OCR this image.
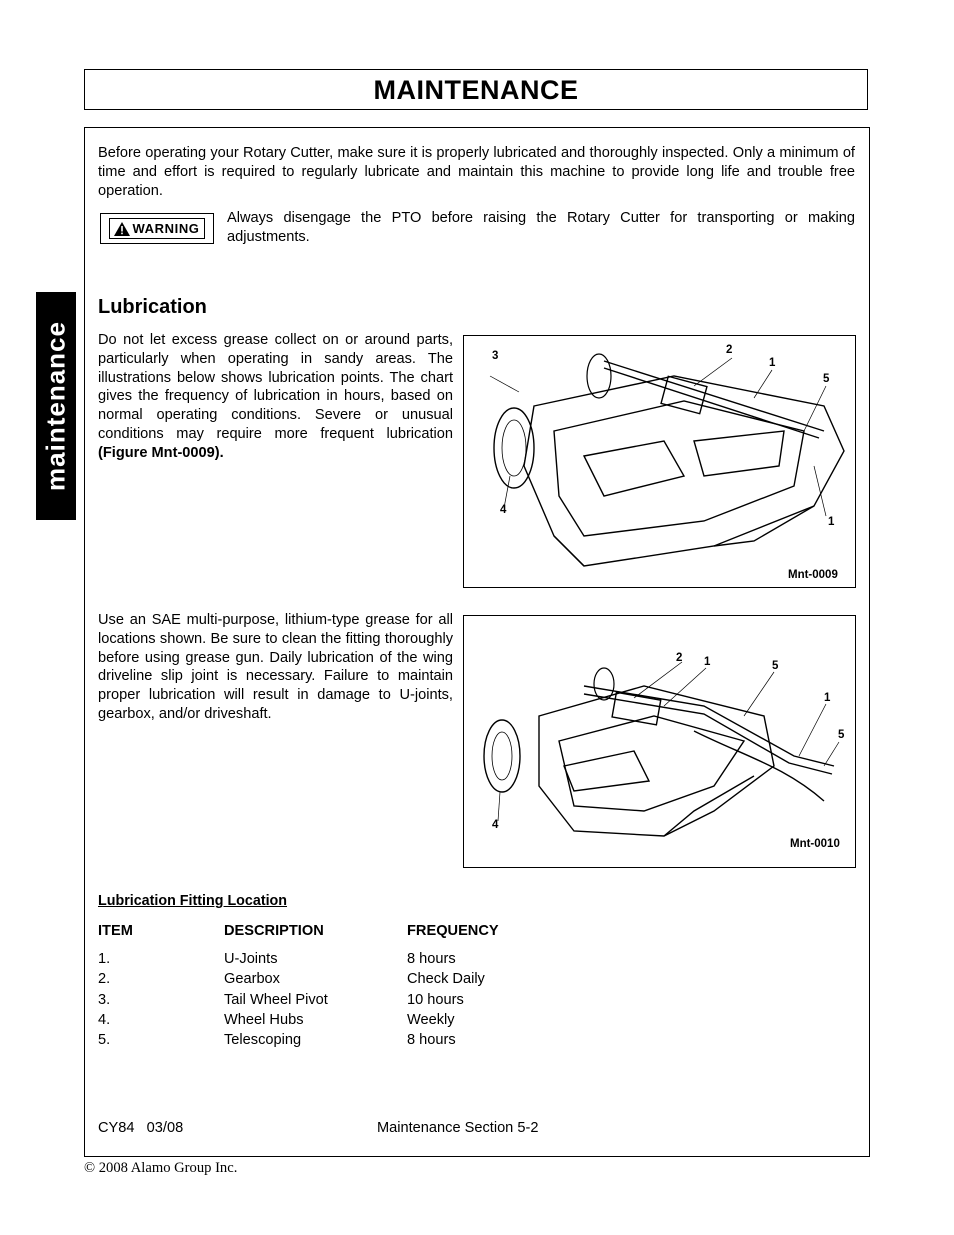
MAINTENANCE
maintenance
Before operating your Rotary Cutter, make sure it is properly lubricated and thoroughly inspected. Only a minimum of time and effort is required to regularly lubricate and maintain this machine to provide long life and trouble free operation.
WARNING
Always disengage the PTO before raising the Rotary Cutter for transporting or making adjustments.
Lubrication
Do not let excess grease collect on or around parts, particularly when operating in sandy areas. The illustrations below shows lubrication points. The chart gives the frequency of lubrication in hours, based on normal operating conditions. Severe or unusual conditions may require more frequent lubrication (Figure Mnt-0009).
3	2
1
5
4
1
Mnt-0009
Use an SAE multi-purpose, lithium-type grease for all locations shown. Be sure to clean the fitting thoroughly before using grease gun. Daily lubrication of the wing driveline slip joint is necessary. Failure to maintain proper lubrication will result in damage to U-joints, gearbox, and/or driveshaft.
2 1	5
1
5
4
Mnt-0010
Lubrication Fitting Location
ITEM	DESCRIPTION	FREQUENCY
1.	U-Joints	8 hours
2.	Gearbox	Check Daily
3.	Tail Wheel Pivot	10 hours
4.	Wheel Hubs	Weekly
5.	Telescoping	8 hours
CY84   03/08	Maintenance Section 5-2
© 2008 Alamo Group Inc.
